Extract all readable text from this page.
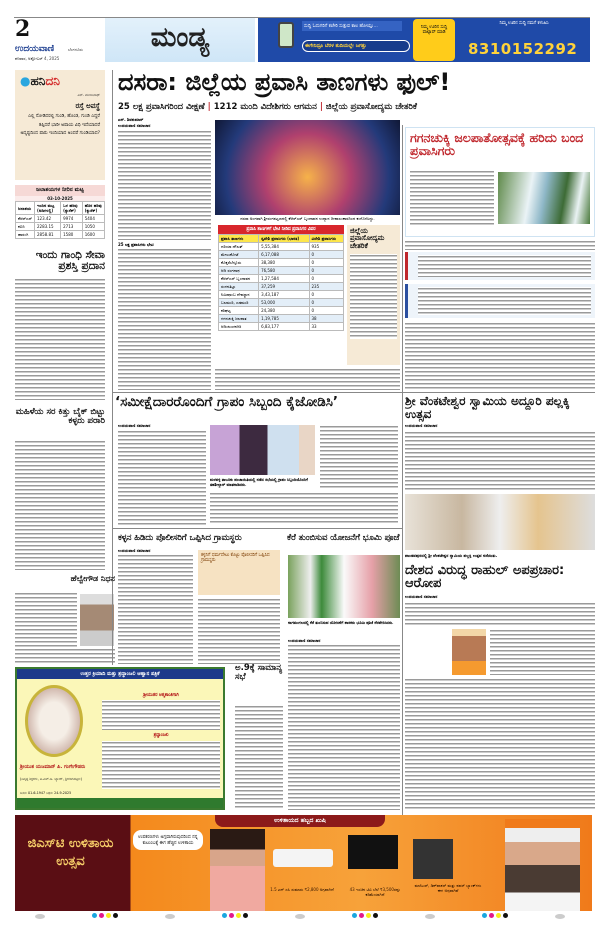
2
ಉದಯವಾಣಿ	ಬೆಂಗಳೂರು
ಶನಿವಾರ, ಅಕ್ಟೋಬರ್ 4, 2025
ಮಂಡ್ಯ	ಸುದ್ದಿ ಓದುಗರಿಗೆ ಕಚೇರಿ ಸುತ್ತುವ ಕಾಲ ಹೋಯ್ತು...
ಈಗೇನಿದ್ರೂ ಬೆರಳ ತುದಿಯಲ್ಲೇ ಜಗತ್ತು
ನಿಮ್ಮ ಊರಿನ ಸುದ್ದಿ ವಾಟ್ಸಾಪ್ ಮಾಡಿ
ನಿಮ್ಮ ಊರಿನ ಸುದ್ದಿ ನಮಗೆ ಕಳುಹಿಸಿ
8310152292
●ಹನಿದನಿ
ಎನ್. ಮಂಜುನಾಥ್
ರಸ್ತೆ ಅವಸ್ಥೆ
ಎಲ್ಲಿ ನೋಡಿದರಲ್ಲಿ ಗುಂಡಿ, ಹೊಂಡ, ಗುಂಡಿ ಎದ್ದರೆ ತಪ್ಪಿದರೆ ಭಾರೀ ಅಪಾಯ ವಿಧಿ ಇದೆಯಾದರೆ ಅದೃಷ್ಟದಿಂದ ಪಾರು ಇಂದಿಯಾದ ಅಂದರೆ ಗುಂಡಿಯಾದ?
ಜಲಾಶಯಗಳ ನೀರಿನ ಮಟ್ಟ
03-10-2025
ಜಲಾಶಯ	ಇಂದಿನ ಮಟ್ಟ (ಅಡಿಗಳಲ್ಲಿ)	ಒಳ ಹರಿವು (ಕ್ಯುಸೆಕ್)	ಹೊರ ಹರಿವು (ಕ್ಯುಸೆಕ್)
ಕೆಆರ್‌ಎಸ್	123.42	9974	5404
ಕಬಿನಿ	2283.15	2713	1050
ಹಾರಂಗಿ	2858.81	1580	1600
ಇಂದು ಗಾಂಧಿ ಸೇವಾ ಪ್ರಶಸ್ತಿ ಪ್ರದಾನ
ಮಹಿಳೆಯ ಸರ ಕಿತ್ತು ಬೈಕ್ ಬಿಟ್ಟು ಕಳ್ಳರು ಪರಾರಿ
ಹೆಲ್ವೇಗೌಡ ನಿಧನ
ದಸರಾ: ಜಿಲ್ಲೆಯ ಪ್ರವಾಸಿ ತಾಣಗಳು ಫುಲ್!
25 ಲಕ್ಷ ಪ್ರವಾಸಿಗರಿಂದ ವೀಕ್ಷಣೆ | 1212 ಮಂದಿ ವಿದೇಶಿಗರು ಆಗಮನ | ಜಿಲ್ಲೆಯ ಪ್ರವಾಸೋದ್ಯಮ ಚೇತರಿಕೆ
ಎನ್. ಶಿವಕುಮಾರ್
ಉದಯವಾಣಿ ಸಮಾಚಾರ
25 ಲಕ್ಷ ಪ್ರವಾಸಿಗರು ಭೇಟಿ
ದಸರಾ ಅಂಗವಾಗಿ ಶ್ರೀರಂಗಪಟ್ಟಣದಲ್ಲಿ ಕೆಆರ್‌ಎಸ್ ಬೃಂದಾವನ ಉದ್ಯಾನ ದೀಪಾಲಂಕಾರದಿಂದ ಕಂಗೊಳಿಸಿದ್ದು.
ಪ್ರವಾಸಿ ತಾಣಗಳಿಗೆ ಭೇಟಿ ನೀಡಿದ ಪ್ರವಾಸಿಗರ ವಿವರ
ಪ್ರವಾಸಿ ತಾಣಗಳು	ಸ್ವದೇಶಿ ಪ್ರವಾಸಿಗರು (ಭಾರತ)	ವಿದೇಶಿ ಪ್ರವಾಸಿಗರು
ದರಿಯಾ ದೌಲತ್	5,55,384	935
ಮೇಲುಕೋಟೆ	6,17,088	0
ಕೊಕ್ಕರೆಬೆಳ್ಳೂರು	38,380	0
ಆದಿ ರಂಗನಾಥ	76,580	0
ಕೆಆರ್‌ಎಸ್ ಬೃಂದಾವನ	1,27,584	0
ರಂಗನತಿಟ್ಟು	37,259	235
ನಿಮಿಷಾಂಬ ದೇವಸ್ಥಾನ	3,43,187	0
ಬಲಮುರಿ, ಎಡಮುರಿ	53,000	0
ಕರಿಘಟ್ಟ	24,380	0
ಗಗನಚುಕ್ಕಿ ಜಲಪಾತ	1,19,785	38
ಆದಿಚುಂಚನಗಿರಿ	6,83,177	33
ಜಿಲ್ಲೆಯ ಪ್ರವಾಸೋದ್ಯಮ ಚೇತರಿಕೆ
ಗಗನಚುಕ್ಕಿ ಜಲಪಾತೋತ್ಸವಕ್ಕೆ ಹರಿದು ಬಂದ ಪ್ರವಾಸಿಗರು
‘ಸಮೀಕ್ಷೆದಾರರೊಂದಿಗೆ ಗ್ರಾಪಂ ಸಿಬ್ಬಂದಿ ಕೈಜೋಡಿಸಿ’
ಉದಯವಾಣಿ ಸಮಾಚಾರ
ಮಳವಳ್ಳಿ ತಾಲೂಕು ಪಂಚಾಯಿತಿಯಲ್ಲಿ ನಡೆದ ಸಭೆಯಲ್ಲಿ ಗ್ರಾಪಂ ಸಿಬ್ಬಂದಿಯೊಂದಿಗೆ ತಹಶೀಲ್ದಾರ್ ಮಾತನಾಡಿದರು.
ಶ್ರೀ ವೆಂಕಟೇಶ್ವರ ಸ್ವಾಮಿಯ ಅದ್ದೂರಿ ಪಲ್ಲಕ್ಕಿ ಉತ್ಸವ
ಉದಯವಾಣಿ ಸಮಾಚಾರ
ಪಾಂಡವಪುರದಲ್ಲಿ ಶ್ರೀ ವೆಂಕಟೇಶ್ವರ ಸ್ವಾಮಿಯ ಪಲ್ಲಕ್ಕಿ ಉತ್ಸವ ನಡೆಯಿತು.
ದೇಶದ ವಿರುದ್ಧ ರಾಹುಲ್ ಅಪಪ್ರಚಾರ: ಆರೋಪ
ಉದಯವಾಣಿ ಸಮಾಚಾರ
ಕಳ್ಳನ ಹಿಡಿದು ಪೊಲೀಸರಿಗೆ ಒಪ್ಪಿಸಿದ ಗ್ರಾಮಸ್ಥರು
ಉದಯವಾಣಿ ಸಮಾಚಾರ
ಕಳ್ಳನಿಗೆ ಧರ್ಮದೇಟು ಕೊಟ್ಟು ಪೊಲೀಸರಿಗೆ ಒಪ್ಪಿಸಿದ ಗ್ರಾಮಸ್ಥರು
ಕೆರೆ ತುಂಬಿಸುವ ಯೋಜನೆಗೆ ಭೂಮಿ ಪೂಜೆ
ನಾಗಮಂಗಲದಲ್ಲಿ ಕೆರೆ ತುಂಬಿಸುವ ಯೋಜನೆಗೆ ಶಾಸಕರು ಭೂಮಿ ಪೂಜೆ ನೆರವೇರಿಸಿದರು.
ಉದಯವಾಣಿ ಸಮಾಚಾರ
ಅ.9ಕ್ಕೆ ಸಾಮಾನ್ಯ ಸಭೆ
ಉತ್ತರ ಕ್ರಿಯಾದಿ ಮತ್ತು ಶ್ರದ್ಧಾಂಜಲಿ ಆಹ್ವಾನ ಪತ್ರಿಕೆ
ಶ್ರೀಯುತ ಯಜಮಾನ್ ಪಿ. ಗಂಗೇಗೌಡರು
(ನಿವೃತ್ತ ಶಿಕ್ಷಕರು, ಪಿ.ಎಲ್.ಡಿ. ಬ್ಯಾಂಕ್, ಶ್ರೀರಂಗಪಟ್ಟಣ)
ಜನನ: 01-6-1947 ನಿಧನ: 24-9-2025
ಶ್ರೀಯುತರ ಆತ್ಮಶಾಂತಿಗಾಗಿ
ಶ್ರದ್ಧಾಂಜಲಿ
ಉಳಿತಾಯದ ಹಬ್ಬದ ಖುಷಿ
ಜಿಎಸ್‌ಟಿ ಉಳಿತಾಯ ಉತ್ಸವ
ಉಪಕರಣಗಳು ಅಗ್ಗವಾಗಿರುವುದರಿಂದ ನನ್ನ ಕುಟುಂಬಕ್ಕೆ ಈಗ ಹೆಚ್ಚಿನ ಉಳಿತಾಯ
1.5 ಟನ್ ಎಸಿ ಸುಮಾರು ₹2,800 ಅಗ್ಗವಾಗಿದೆ	43 ಇಂಚಿನ ಟಿವಿ ಬೆಲೆ ₹3,500ರಷ್ಟು ಕಡಿಮೆಯಾಗಿದೆ
ಮಾನಿಟರ್, ಡಿಶ್‌ವಾಶರ್ ಮತ್ತು ಪವರ್ ಬ್ಯಾಂಕ್‌ಗಳು ಈಗ ಅಗ್ಗವಾಗಿವೆ
